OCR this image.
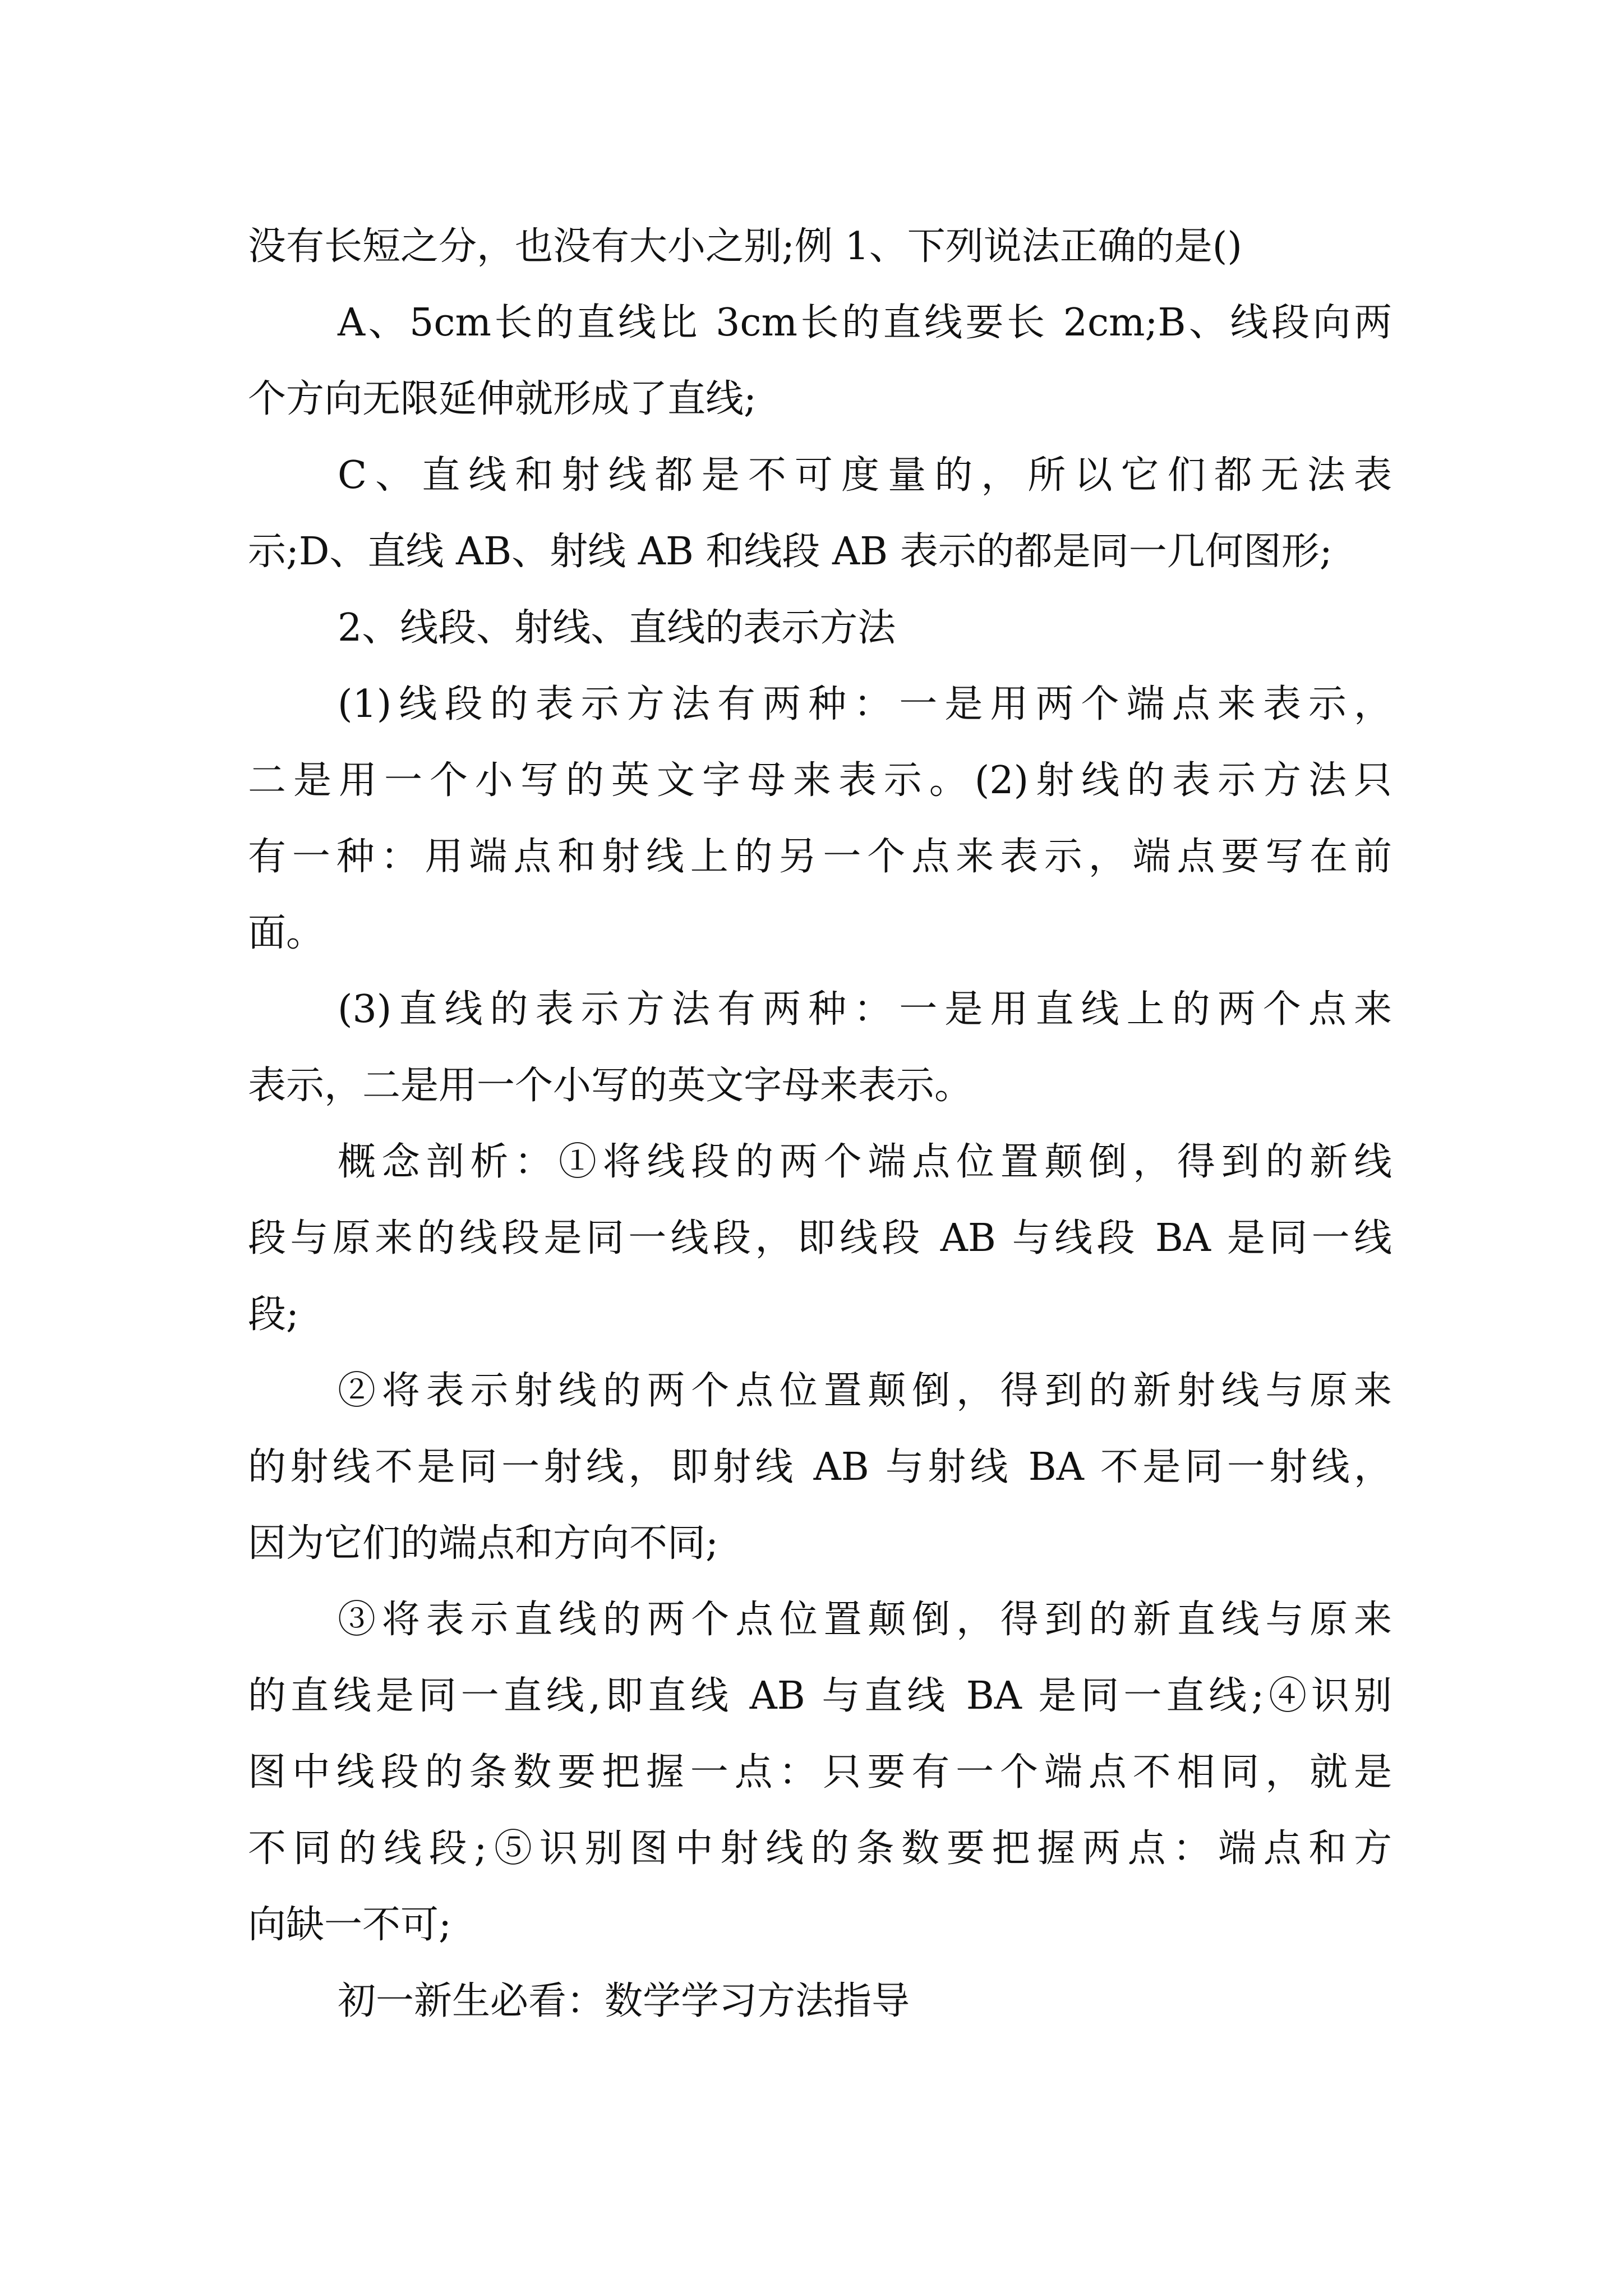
没有长短之分，也没有大小之别;例 1、下列说法正确的是()
A、5cm长的直线比 3cm长的直线要长 2cm;B、线段向两
个方向无限延伸就形成了直线;
C、直线和射线都是不可度量的，所以它们都无法表
示;D、直线 AB、射线 AB 和线段 AB 表示的都是同一几何图形;
2、线段、射线、直线的表示方法
(1)线段的表示方法有两种：一是用两个端点来表示，
二是用一个小写的英文字母来表示。(2)射线的表示方法只
有一种：用端点和射线上的另一个点来表示，端点要写在前
面。
(3)直线的表示方法有两种：一是用直线上的两个点来
表示，二是用一个小写的英文字母来表示。
概念剖析：①将线段的两个端点位置颠倒，得到的新线
段与原来的线段是同一线段，即线段 AB 与线段 BA 是同一线
段;
②将表示射线的两个点位置颠倒，得到的新射线与原来
的射线不是同一射线，即射线 AB 与射线 BA 不是同一射线，
因为它们的端点和方向不同;
③将表示直线的两个点位置颠倒，得到的新直线与原来
的直线是同一直线,即直线 AB 与直线 BA 是同一直线;④识别
图中线段的条数要把握一点：只要有一个端点不相同，就是
不同的线段;⑤识别图中射线的条数要把握两点：端点和方
向缺一不可;
初一新生必看：数学学习方法指导
